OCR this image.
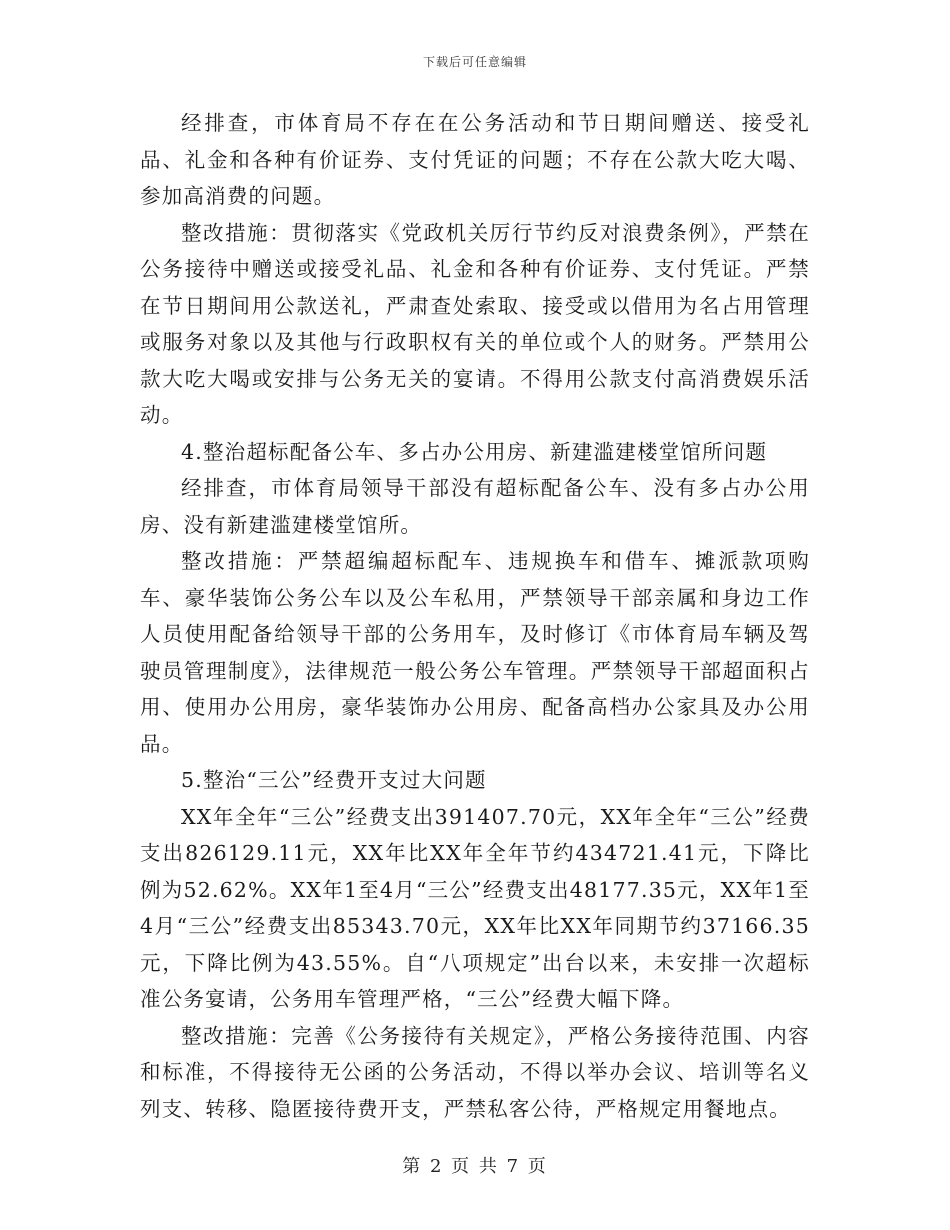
下载后可任意编辑

经排查，市体育局不存在在公务活动和节日期间赠送、接受礼品、礼金和各种有价证券、支付凭证的问题；不存在公款大吃大喝、参加高消费的问题。

整改措施：贯彻落实《党政机关厉行节约反对浪费条例》，严禁在公务接待中赠送或接受礼品、礼金和各种有价证券、支付凭证。严禁在节日期间用公款送礼，严肃查处索取、接受或以借用为名占用管理或服务对象以及其他与行政职权有关的单位或个人的财务。严禁用公款大吃大喝或安排与公务无关的宴请。不得用公款支付高消费娱乐活动。

4.整治超标配备公车、多占办公用房、新建滥建楼堂馆所问题

经排查，市体育局领导干部没有超标配备公车、没有多占办公用房、没有新建滥建楼堂馆所。

整改措施：严禁超编超标配车、违规换车和借车、摊派款项购车、豪华装饰公务公车以及公车私用，严禁领导干部亲属和身边工作人员使用配备给领导干部的公务用车，及时修订《市体育局车辆及驾驶员管理制度》，法律规范一般公务公车管理。严禁领导干部超面积占用、使用办公用房，豪华装饰办公用房、配备高档办公家具及办公用品。

5.整治“三公”经费开支过大问题

XX年全年“三公”经费支出391407.70元，XX年全年“三公”经费支出826129.11元，XX年比XX年全年节约434721.41元，下降比例为52.62%。XX年1至4月“三公”经费支出48177.35元，XX年1至4月“三公”经费支出85343.70元，XX年比XX年同期节约37166.35元，下降比例为43.55%。自“八项规定”出台以来，未安排一次超标准公务宴请，公务用车管理严格，“三公”经费大幅下降。

整改措施：完善《公务接待有关规定》，严格公务接待范围、内容和标准，不得接待无公函的公务活动，不得以举办会议、培训等名义列支、转移、隐匿接待费开支，严禁私客公待，严格规定用餐地点。

第 2 页 共 7 页
